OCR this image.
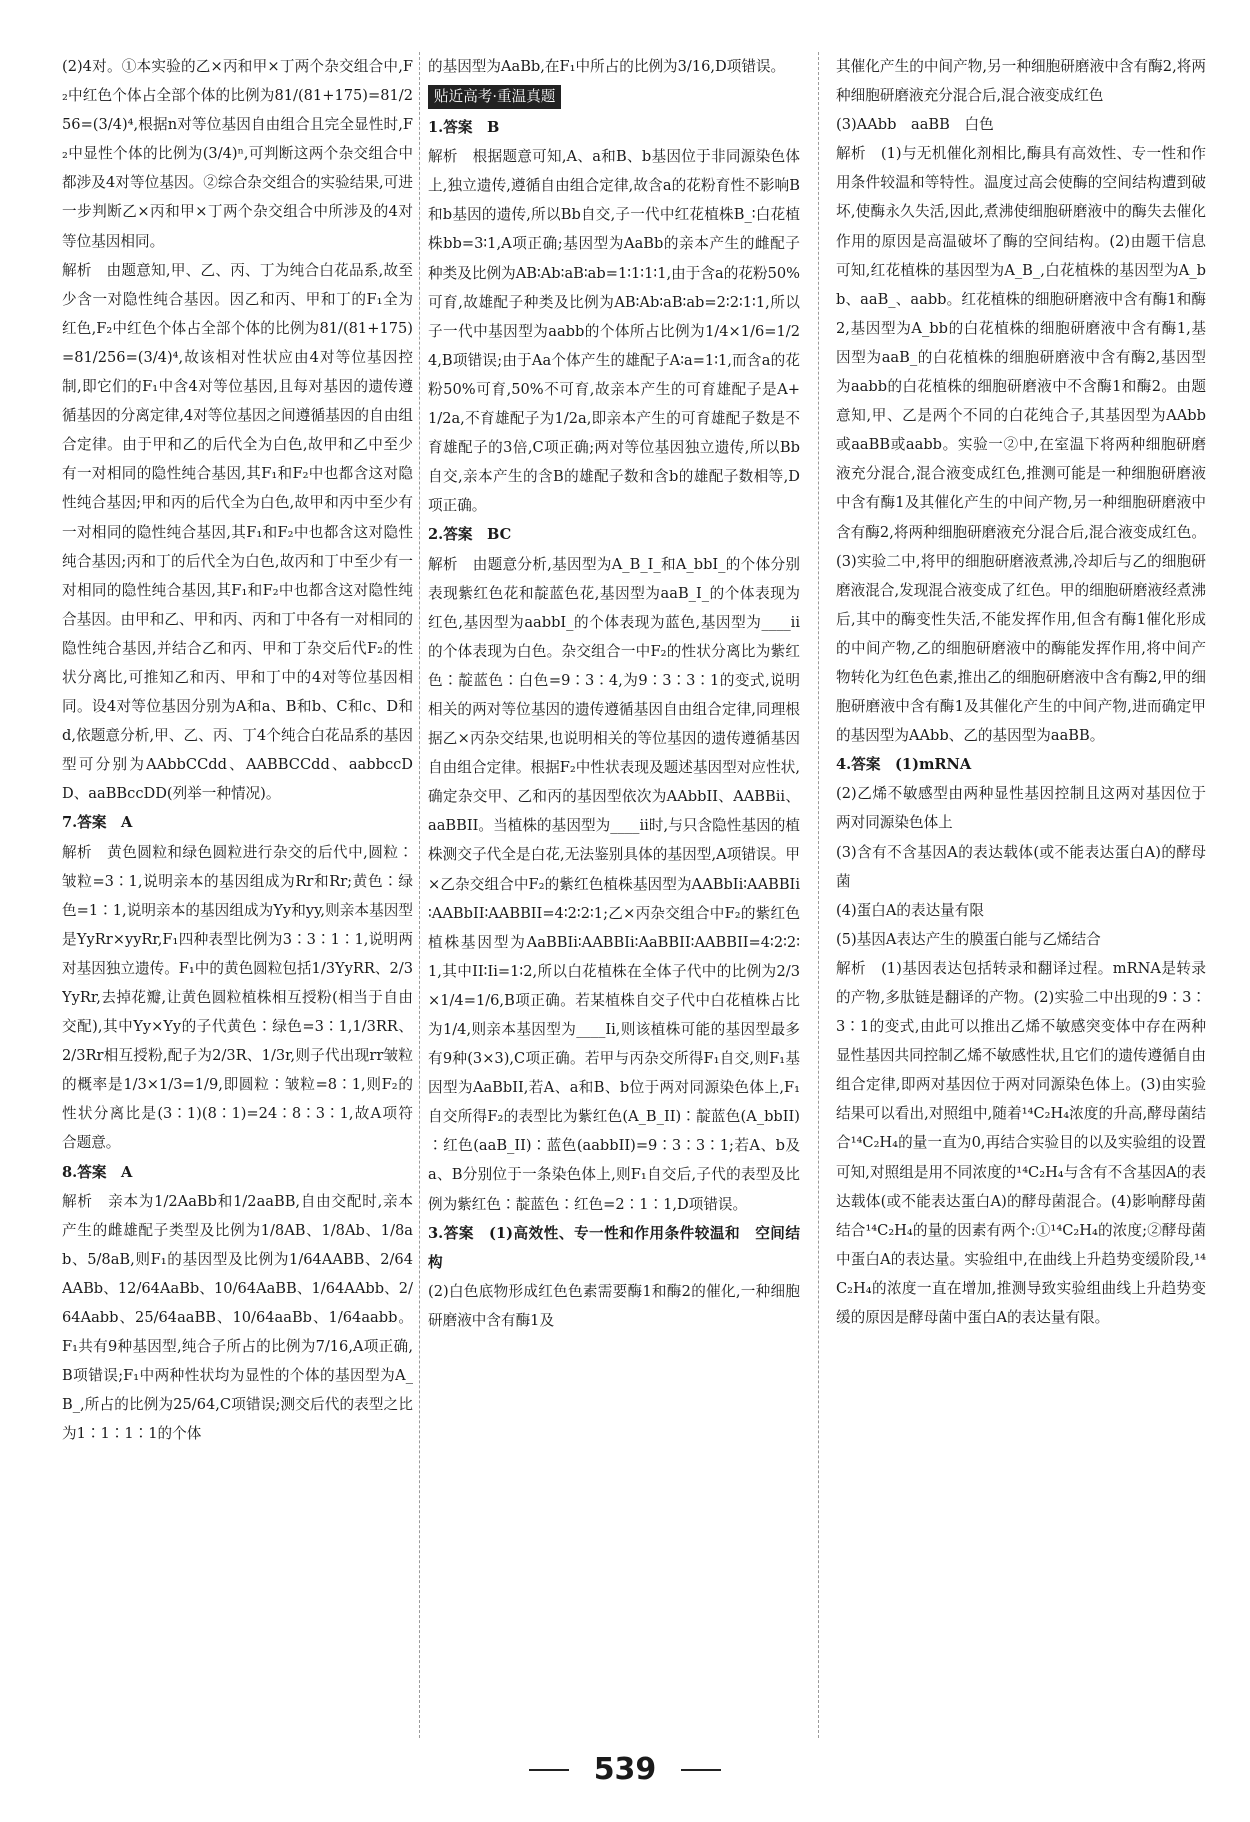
(2)4对。①本实验的乙×丙和甲×丁两个杂交组合中,F₂中红色个体占全部个体的比例为81/(81+175)=81/256=(3/4)⁴,根据n对等位基因自由组合且完全显性时,F₂中显性个体的比例为(3/4)ⁿ,可判断这两个杂交组合中都涉及4对等位基因。②综合杂交组合的实验结果,可进一步判断乙×丙和甲×丁两个杂交组合中所涉及的4对等位基因相同。
解析　由题意知,甲、乙、丙、丁为纯合白花品系,故至少含一对隐性纯合基因。因乙和丙、甲和丁的F₁全为红色,F₂中红色个体占全部个体的比例为81/(81+175)=81/256=(3/4)⁴,故该相对性状应由4对等位基因控制,即它们的F₁中含4对等位基因,且每对基因的遗传遵循基因的分离定律,4对等位基因之间遵循基因的自由组合定律。由于甲和乙的后代全为白色,故甲和乙中至少有一对相同的隐性纯合基因,其F₁和F₂中也都含这对隐性纯合基因;甲和丙的后代全为白色,故甲和丙中至少有一对相同的隐性纯合基因,其F₁和F₂中也都含这对隐性纯合基因;丙和丁的后代全为白色,故丙和丁中至少有一对相同的隐性纯合基因,其F₁和F₂中也都含这对隐性纯合基因。由甲和乙、甲和丙、丙和丁中各有一对相同的隐性纯合基因,并结合乙和丙、甲和丁杂交后代F₂的性状分离比,可推知乙和丙、甲和丁中的4对等位基因相同。设4对等位基因分别为A和a、B和b、C和c、D和d,依题意分析,甲、乙、丙、丁4个纯合白花品系的基因型可分别为AAbbCCdd、AABBCCdd、aabbccDD、aaBBccDD(列举一种情况)。
7.答案　A
解析　黄色圆粒和绿色圆粒进行杂交的后代中,圆粒∶皱粒=3∶1,说明亲本的基因组成为Rr和Rr;黄色∶绿色=1∶1,说明亲本的基因组成为Yy和yy,则亲本基因型是YyRr×yyRr,F₁四种表型比例为3∶3∶1∶1,说明两对基因独立遗传。F₁中的黄色圆粒包括1/3YyRR、2/3YyRr,去掉花瓣,让黄色圆粒植株相互授粉(相当于自由交配),其中Yy×Yy的子代黄色∶绿色=3∶1,1/3RR、2/3Rr相互授粉,配子为2/3R、1/3r,则子代出现rr皱粒的概率是1/3×1/3=1/9,即圆粒∶皱粒=8∶1,则F₂的性状分离比是(3∶1)(8∶1)=24∶8∶3∶1,故A项符合题意。
8.答案　A
解析　亲本为1/2AaBb和1/2aaBB,自由交配时,亲本产生的雌雄配子类型及比例为1/8AB、1/8Ab、1/8ab、5/8aB,则F₁的基因型及比例为1/64AABB、2/64AABb、12/64AaBb、10/64AaBB、1/64AAbb、2/64Aabb、25/64aaBB、10/64aaBb、1/64aabb。F₁共有9种基因型,纯合子所占的比例为7/16,A项正确,B项错误;F₁中两种性状均为显性的个体的基因型为A_B_,所占的比例为25/64,C项错误;测交后代的表型之比为1∶1∶1∶1的个体
的基因型为AaBb,在F₁中所占的比例为3/16,D项错误。
贴近高考·重温真题
1.答案　B
解析　根据题意可知,A、a和B、b基因位于非同源染色体上,独立遗传,遵循自由组合定律,故含a的花粉育性不影响B和b基因的遗传,所以Bb自交,子一代中红花植株B_∶白花植株bb=3∶1,A项正确;基因型为AaBb的亲本产生的雌配子种类及比例为AB∶Ab∶aB∶ab=1∶1∶1∶1,由于含a的花粉50%可育,故雄配子种类及比例为AB∶Ab∶aB∶ab=2∶2∶1∶1,所以子一代中基因型为aabb的个体所占比例为1/4×1/6=1/24,B项错误;由于Aa个体产生的雄配子A∶a=1∶1,而含a的花粉50%可育,50%不可育,故亲本产生的可育雄配子是A+1/2a,不育雄配子为1/2a,即亲本产生的可育雄配子数是不育雄配子的3倍,C项正确;两对等位基因独立遗传,所以Bb自交,亲本产生的含B的雄配子数和含b的雄配子数相等,D项正确。
2.答案　BC
解析　由题意分析,基因型为A_B_I_和A_bbI_的个体分别表现紫红色花和靛蓝色花,基因型为aaB_I_的个体表现为红色,基因型为aabbI_的个体表现为蓝色,基因型为____ii的个体表现为白色。杂交组合一中F₂的性状分离比为紫红色∶靛蓝色∶白色=9∶3∶4,为9∶3∶3∶1的变式,说明相关的两对等位基因的遗传遵循基因自由组合定律,同理根据乙×丙杂交结果,也说明相关的等位基因的遗传遵循基因自由组合定律。根据F₂中性状表现及题述基因型对应性状,确定杂交甲、乙和丙的基因型依次为AAbbII、AABBii、aaBBII。当植株的基因型为____ii时,与只含隐性基因的植株测交子代全是白花,无法鉴别具体的基因型,A项错误。甲×乙杂交组合中F₂的紫红色植株基因型为AABbIi∶AABBIi∶AABbII∶AABBII=4∶2∶2∶1;乙×丙杂交组合中F₂的紫红色植株基因型为AaBBIi∶AABBIi∶AaBBII∶AABBII=4∶2∶2∶1,其中II∶Ii=1∶2,所以白花植株在全体子代中的比例为2/3×1/4=1/6,B项正确。若某植株自交子代中白花植株占比为1/4,则亲本基因型为____Ii,则该植株可能的基因型最多有9种(3×3),C项正确。若甲与丙杂交所得F₁自交,则F₁基因型为AaBbII,若A、a和B、b位于两对同源染色体上,F₁自交所得F₂的表型比为紫红色(A_B_II)∶靛蓝色(A_bbII)∶红色(aaB_II)∶蓝色(aabbII)=9∶3∶3∶1;若A、b及a、B分别位于一条染色体上,则F₁自交后,子代的表型及比例为紫红色∶靛蓝色∶红色=2∶1∶1,D项错误。
3.答案　(1)高效性、专一性和作用条件较温和　空间结构
(2)白色底物形成红色色素需要酶1和酶2的催化,一种细胞研磨液中含有酶1及
其催化产生的中间产物,另一种细胞研磨液中含有酶2,将两种细胞研磨液充分混合后,混合液变成红色
(3)AAbb　aaBB　白色
解析　(1)与无机催化剂相比,酶具有高效性、专一性和作用条件较温和等特性。温度过高会使酶的空间结构遭到破坏,使酶永久失活,因此,煮沸使细胞研磨液中的酶失去催化作用的原因是高温破坏了酶的空间结构。(2)由题干信息可知,红花植株的基因型为A_B_,白花植株的基因型为A_bb、aaB_、aabb。红花植株的细胞研磨液中含有酶1和酶2,基因型为A_bb的白花植株的细胞研磨液中含有酶1,基因型为aaB_的白花植株的细胞研磨液中含有酶2,基因型为aabb的白花植株的细胞研磨液中不含酶1和酶2。由题意知,甲、乙是两个不同的白花纯合子,其基因型为AAbb或aaBB或aabb。实验一②中,在室温下将两种细胞研磨液充分混合,混合液变成红色,推测可能是一种细胞研磨液中含有酶1及其催化产生的中间产物,另一种细胞研磨液中含有酶2,将两种细胞研磨液充分混合后,混合液变成红色。(3)实验二中,将甲的细胞研磨液煮沸,冷却后与乙的细胞研磨液混合,发现混合液变成了红色。甲的细胞研磨液经煮沸后,其中的酶变性失活,不能发挥作用,但含有酶1催化形成的中间产物,乙的细胞研磨液中的酶能发挥作用,将中间产物转化为红色色素,推出乙的细胞研磨液中含有酶2,甲的细胞研磨液中含有酶1及其催化产生的中间产物,进而确定甲的基因型为AAbb、乙的基因型为aaBB。
4.答案　(1)mRNA
(2)乙烯不敏感型由两种显性基因控制且这两对基因位于两对同源染色体上
(3)含有不含基因A的表达载体(或不能表达蛋白A)的酵母菌
(4)蛋白A的表达量有限
(5)基因A表达产生的膜蛋白能与乙烯结合
解析　(1)基因表达包括转录和翻译过程。mRNA是转录的产物,多肽链是翻译的产物。(2)实验二中出现的9∶3∶3∶1的变式,由此可以推出乙烯不敏感突变体中存在两种显性基因共同控制乙烯不敏感性状,且它们的遗传遵循自由组合定律,即两对基因位于两对同源染色体上。(3)由实验结果可以看出,对照组中,随着¹⁴C₂H₄浓度的升高,酵母菌结合¹⁴C₂H₄的量一直为0,再结合实验目的以及实验组的设置可知,对照组是用不同浓度的¹⁴C₂H₄与含有不含基因A的表达载体(或不能表达蛋白A)的酵母菌混合。(4)影响酵母菌结合¹⁴C₂H₄的量的因素有两个:①¹⁴C₂H₄的浓度;②酵母菌中蛋白A的表达量。实验组中,在曲线上升趋势变缓阶段,¹⁴C₂H₄的浓度一直在增加,推测导致实验组曲线上升趋势变缓的原因是酵母菌中蛋白A的表达量有限。
539
